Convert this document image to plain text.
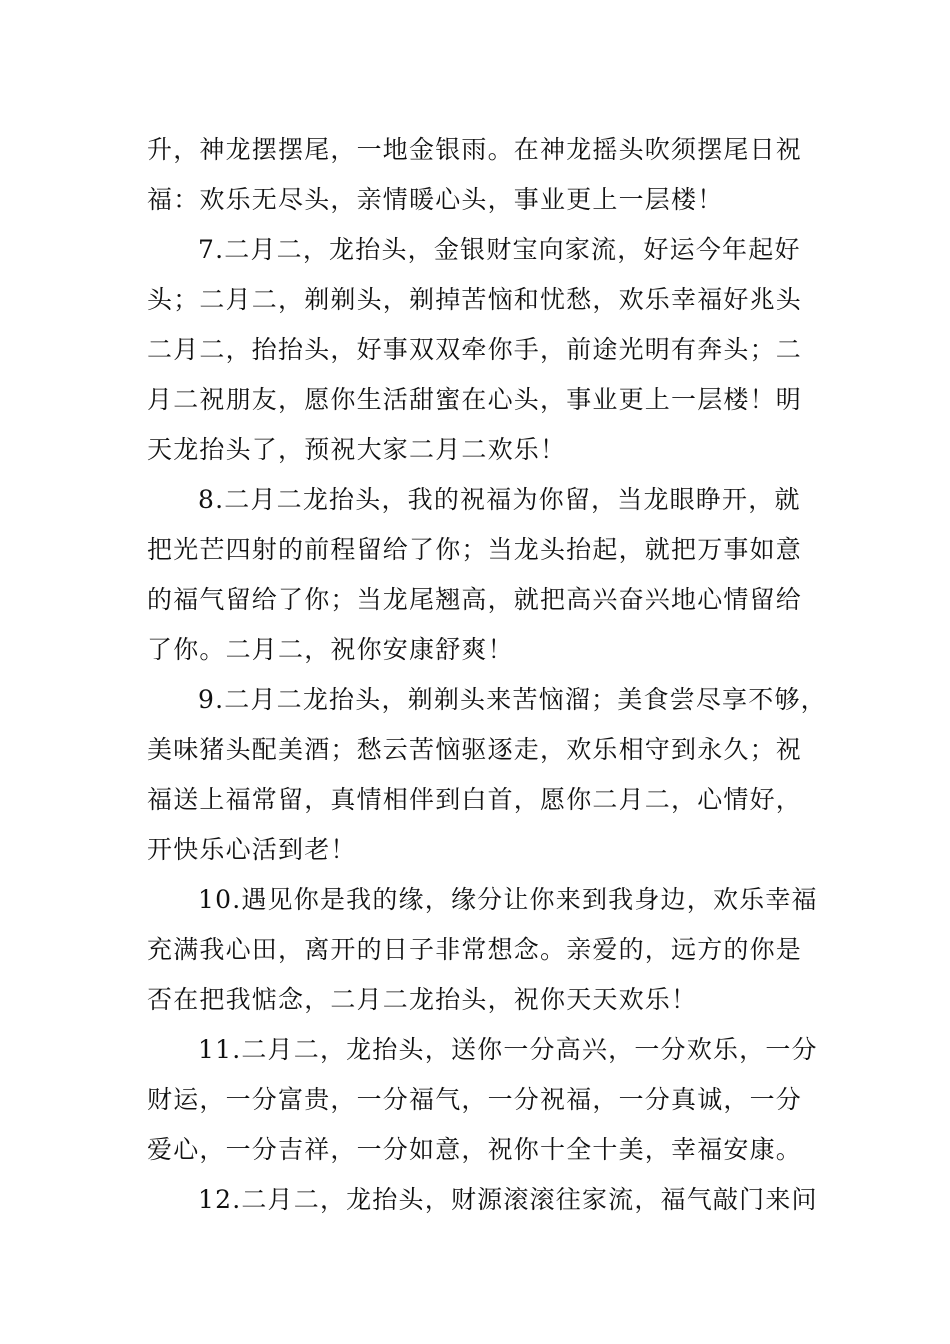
升，神龙摆摆尾，一地金银雨。在神龙摇头吹须摆尾日祝

福：欢乐无尽头，亲情暖心头，事业更上一层楼！

7.二月二，龙抬头，金银财宝向家流，好运今年起好

头；二月二，剃剃头，剃掉苦恼和忧愁，欢乐幸福好兆头

二月二，抬抬头，好事双双牵你手，前途光明有奔头；二

月二祝朋友，愿你生活甜蜜在心头，事业更上一层楼！明

天龙抬头了，预祝大家二月二欢乐！

8.二月二龙抬头，我的祝福为你留，当龙眼睁开，就

把光芒四射的前程留给了你；当龙头抬起，就把万事如意

的福气留给了你；当龙尾翘高，就把高兴奋兴地心情留给

了你。二月二，祝你安康舒爽！

9.二月二龙抬头，剃剃头来苦恼溜；美食尝尽享不够，

美味猪头配美酒；愁云苦恼驱逐走，欢乐相守到永久；祝

福送上福常留，真情相伴到白首，愿你二月二，心情好，

开快乐心活到老！

10.遇见你是我的缘，缘分让你来到我身边，欢乐幸福

充满我心田，离开的日子非常想念。亲爱的，远方的你是

否在把我惦念，二月二龙抬头，祝你天天欢乐！

11.二月二，龙抬头，送你一分高兴，一分欢乐，一分

财运，一分富贵，一分福气，一分祝福，一分真诚，一分

爱心，一分吉祥，一分如意，祝你十全十美，幸福安康。

12.二月二，龙抬头，财源滚滚往家流，福气敲门来问
